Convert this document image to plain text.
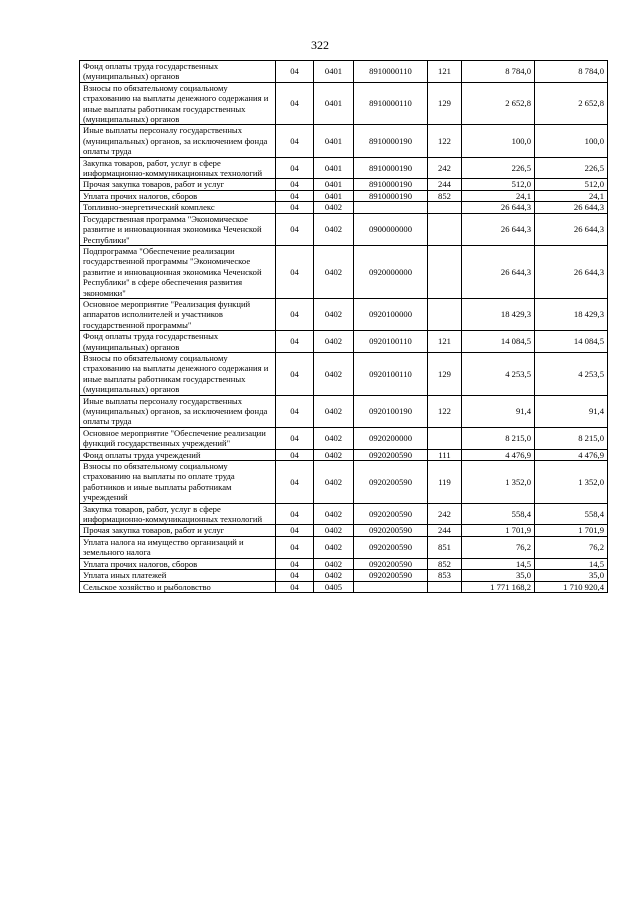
322
Фонд оплаты труда государственных (муниципальных) органов	04	0401	8910000110	121	8 784,0	8 784,0
Взносы по обязательному социальному страхованию на выплаты денежного содержания и иные выплаты работникам государственных (муниципальных) органов	04	0401	8910000110	129	2 652,8	2 652,8
Иные выплаты персоналу государственных (муниципальных) органов, за исключением фонда оплаты труда	04	0401	8910000190	122	100,0	100,0
Закупка товаров, работ, услуг в сфере информационно-коммуникационных технологий	04	0401	8910000190	242	226,5	226,5
Прочая закупка товаров, работ и услуг	04	0401	8910000190	244	512,0	512,0
Уплата прочих налогов, сборов	04	0401	8910000190	852	24,1	24,1
Топливно-энергетический комплекс	04	0402			26 644,3	26 644,3
Государственная программа "Экономическое развитие и инновационная экономика Чеченской Республики"	04	0402	0900000000		26 644,3	26 644,3
Подпрограмма "Обеспечение реализации государственной программы "Экономическое развитие и инновационная экономика Чеченской Республики" в сфере обеспечения развития экономики"	04	0402	0920000000		26 644,3	26 644,3
Основное мероприятие "Реализация функций аппаратов исполнителей и участников государственной программы"	04	0402	0920100000		18 429,3	18 429,3
Фонд оплаты труда государственных (муниципальных) органов	04	0402	0920100110	121	14 084,5	14 084,5
Взносы по обязательному социальному страхованию на выплаты денежного содержания и иные выплаты работникам государственных (муниципальных) органов	04	0402	0920100110	129	4 253,5	4 253,5
Иные выплаты персоналу государственных (муниципальных) органов, за исключением фонда оплаты труда	04	0402	0920100190	122	91,4	91,4
Основное мероприятие "Обеспечение реализации функций государственных учреждений"	04	0402	0920200000		8 215,0	8 215,0
Фонд оплаты труда учреждений	04	0402	0920200590	111	4 476,9	4 476,9
Взносы по обязательному социальному страхованию на выплаты по оплате труда работников и иные выплаты работникам учреждений	04	0402	0920200590	119	1 352,0	1 352,0
Закупка товаров, работ, услуг в сфере информационно-коммуникационных технологий	04	0402	0920200590	242	558,4	558,4
Прочая закупка товаров, работ и услуг	04	0402	0920200590	244	1 701,9	1 701,9
Уплата налога на имущество организаций и земельного налога	04	0402	0920200590	851	76,2	76,2
Уплата прочих налогов, сборов	04	0402	0920200590	852	14,5	14,5
Уплата иных платежей	04	0402	0920200590	853	35,0	35,0
Сельское хозяйство и рыболовство	04	0405			1 771 168,2	1 710 920,4
